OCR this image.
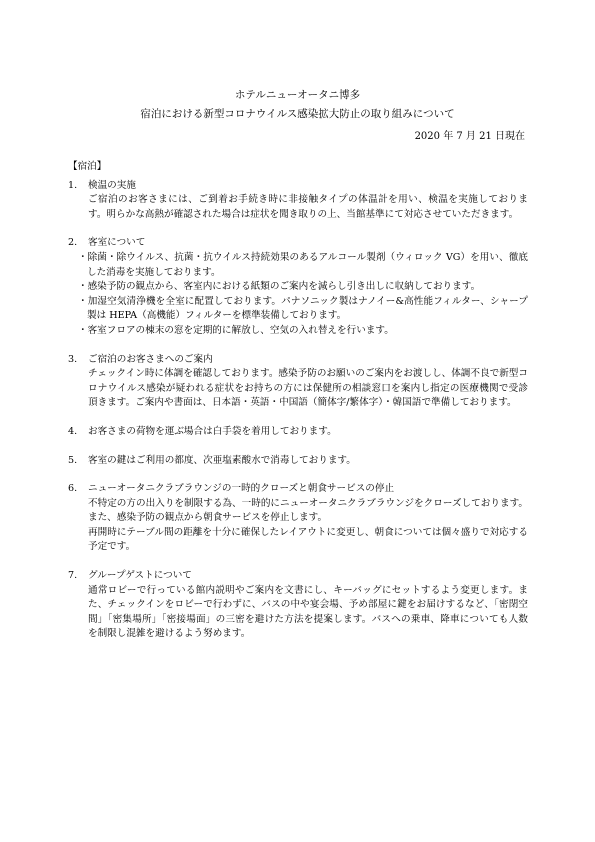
ホテルニューオータニ博多
宿泊における新型コロナウイルス感染拡大防止の取り組みについて
2020 年 7 月 21 日現在
【宿泊】
1.	検温の実施
ご宿泊のお客さまには、ご到着お手続き時に非接触タイプの体温計を用い、検温を実施しております。明らかな高熱が確認された場合は症状を聞き取りの上、当館基準にて対応させていただきます。
2.	客室について
・除菌・除ウイルス、抗菌・抗ウイルス持続効果のあるアルコール製剤（ウィロック VG）を用い、徹底した消毒を実施しております。
・感染予防の観点から、客室内における紙類のご案内を減らし引き出しに収納しております。
・加湿空気清浄機を全室に配置しております。パナソニック製はナノイー&高性能フィルター、シャープ製は HEPA（高機能）フィルターを標準装備しております。
・客室フロアの棟末の窓を定期的に解放し、空気の入れ替えを行います。
3.	ご宿泊のお客さまへのご案内
チェックイン時に体調を確認しております。感染予防のお願いのご案内をお渡しし、体調不良で新型コロナウイルス感染が疑われる症状をお持ちの方には保健所の相談窓口を案内し指定の医療機関で受診頂きます。ご案内や書面は、日本語・英語・中国語（簡体字/繁体字）・韓国語で準備しております。
4.	お客さまの荷物を運ぶ場合は白手袋を着用しております。
5.	客室の鍵はご利用の都度、次亜塩素酸水で消毒しております。
6.	ニューオータニクラブラウンジの一時的クローズと朝食サービスの停止
不特定の方の出入りを制限する為、一時的にニューオータニクラブラウンジをクローズしております。また、感染予防の観点から朝食サービスを停止します。
再開時にテーブル間の距離を十分に確保したレイアウトに変更し、朝食については個々盛りで対応する予定です。
7.	グループゲストについて
通常ロビーで行っている館内説明やご案内を文書にし、キーバッグにセットするよう変更します。また、チェックインをロビーで行わずに、バスの中や宴会場、予め部屋に鍵をお届けするなど、「密閉空間」「密集場所」「密接場面」の三密を避けた方法を提案します。バスへの乗車、降車についても人数を制限し混雑を避けるよう努めます。
